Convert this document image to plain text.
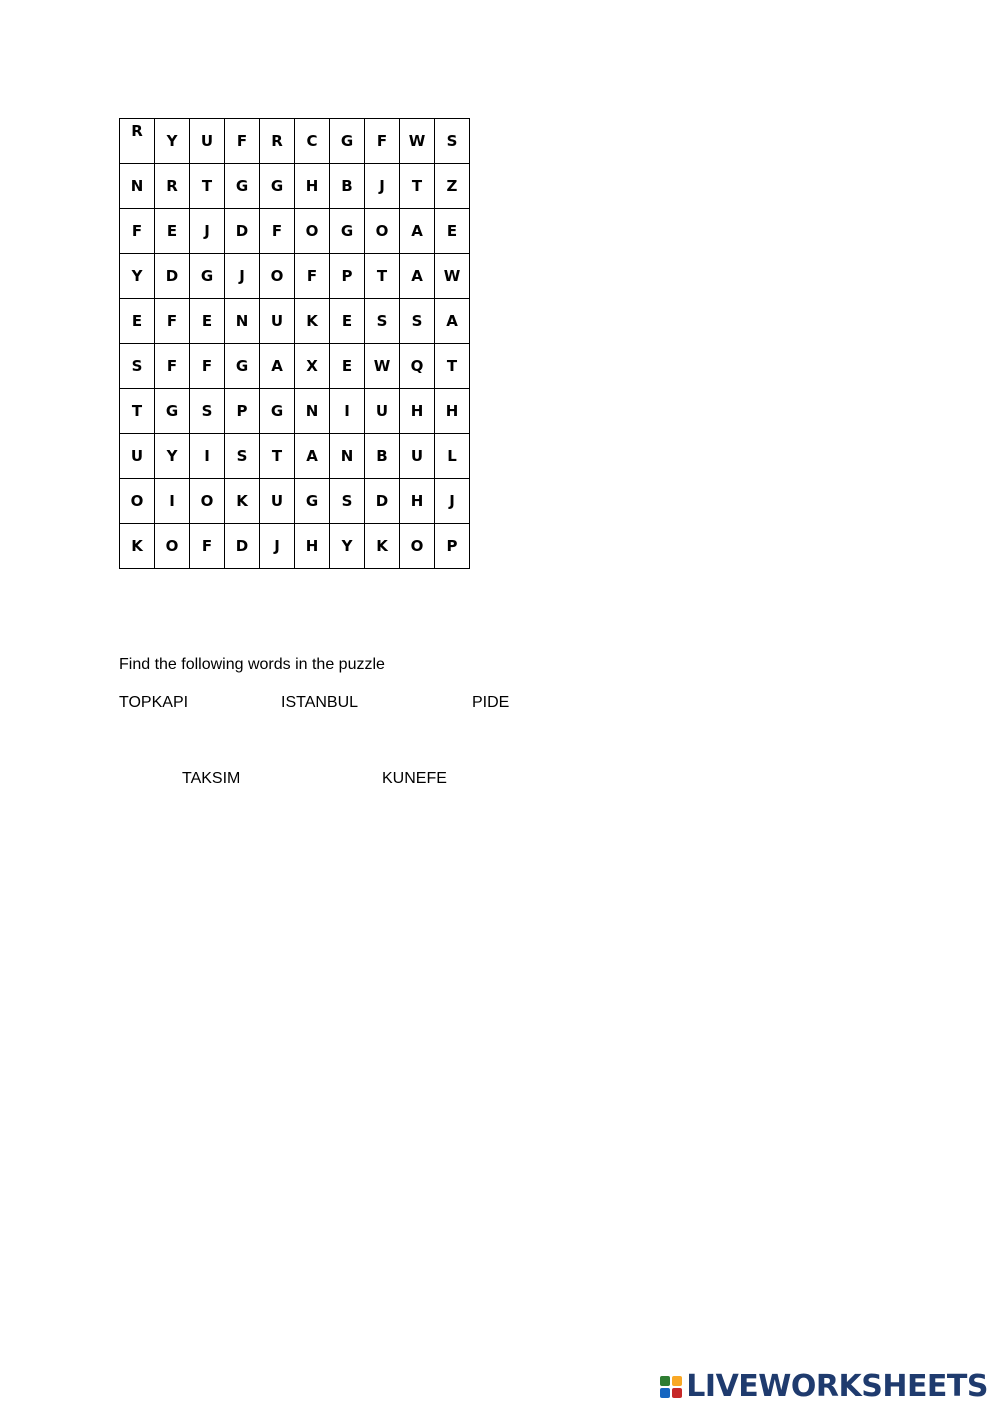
R	Y	U	F	R	C	G	F	W	S
N	R	T	G	G	H	B	J	T	Z
F	E	J	D	F	O	G	O	A	E
Y	D	G	J	O	F	P	T	A	W
E	F	E	N	U	K	E	S	S	A
S	F	F	G	A	X	E	W	Q	T
T	G	S	P	G	N	I	U	H	H
U	Y	I	S	T	A	N	B	U	L
O	I	O	K	U	G	S	D	H	J
K	O	F	D	J	H	Y	K	O	P
Find the following words in the puzzle
TOPKAPI	ISTANBUL	PIDE
TAKSIM	KUNEFE
LIVEWORKSHEETS
